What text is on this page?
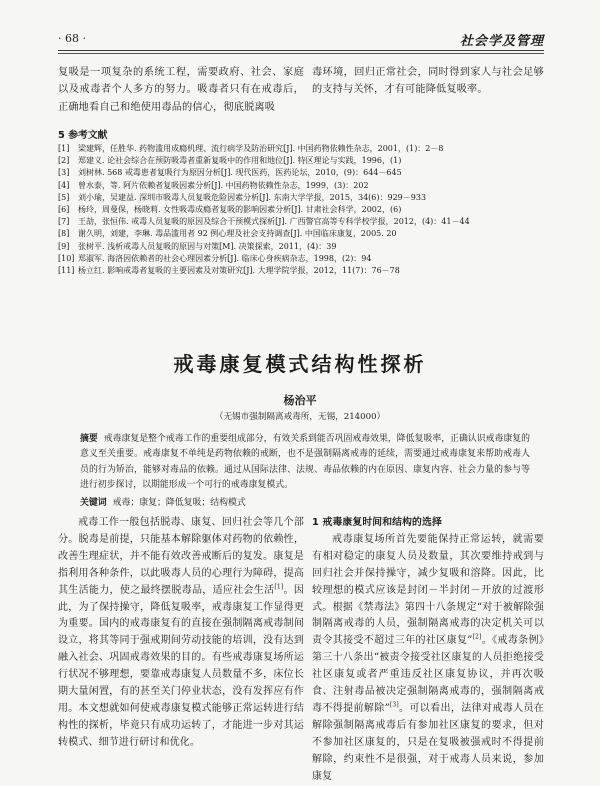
· 68 ·	社会学及管理
复吸是一项复杂的系统工程，需要政府、社会、家庭以及戒毒者个人多方的努力。吸毒者只有在戒毒后，正确地看自己和绝使用毒品的信心，彻底脱离吸
毒环境，回归正常社会，同时得到家人与社会足够的支持与关怀，才有可能降低复吸率。
5 参考文献
[1] 梁建辉，任胜华. 药物滥用成瘾机理、流行病学及防治研究[J]. 中国药物依赖性杂志，2001，(1)：2－8
[2] 郑建义. 论社会综合在预防吸毒者重新复吸中的作用和地位[J]. 特区理论与实践，1996，(1)
[3] 刘树林. 568 戒毒患者复吸行为原因分析[J]. 现代医药，医药论坛，2010，(9)：644－645
[4] 曾水泰，等. 阿片依赖者复吸因素分析[J]. 中国药物依赖性杂志，1999，(3)：202
[5] 刘小瑜，吴建益. 深圳市吸毒人员复吸危险因素分析[J]. 东南大学学报，2015，34(6)：929－933
[6] 杨玲，周曼保，杨晓莉. 女性吸毒成瘾者复吸的影响因素分析[J]. 甘肃社会科学，2002，(6)
[7] 王劼，张恒伟. 戒毒人员复吸的原因及综合干预模式探析[J]. 广西警官高等专科学校学报，2012，(4)：41－44
[8] 谢久明，刘建，李琳. 毒品滥用者 92 例心理及社会支持调查[J]. 中国临床康复，2005. 20
[9] 张树平. 浅析戒毒人员复吸的原因与对策[M]. 决策探索，2011，(4)：39
[10] 郑淑军. 海洛因依赖者的社会心理因素分析[J]. 临床心身疾病杂志，1998，(2)：94
[11] 杨立红. 影响戒毒者复吸的主要因素及对策研究[J]. 大理学院学报，2012，11(7)：76－78
戒毒康复模式结构性探析
杨治平
（无锡市强制隔离戒毒所，无锡，214000）
摘要 戒毒康复是整个戒毒工作的重要组成部分，有效关系到能否巩固戒毒效果，降低复吸率，正确认识戒毒康复的意义至关重要。戒毒康复不单纯是药物依赖的戒断，也不是强制隔离戒毒的延续，需要通过戒毒康复来帮助戒毒人员的行为矫治，能够对毒品的依赖。通过从国际法律、法规、毒品依赖的内在原因、康复内容、社会力量的参与等进行初步探讨，以期能形成一个可行的戒毒康复模式。
关键词 戒毒；康复；降低复吸；结构模式
戒毒工作一般包括脱毒、康复、回归社会等几个部分。脱毒是前提，只能基本解除躯体对药物的依赖性，改善生理症状，并不能有效改善戒断后的复发。康复是指利用各种条件，以此吸毒人员的心理行为障碍，提高其生活能力，使之最终摆脱毒品，适应社会生活[1]。因此，为了保持操守，降低复吸率，戒毒康复工作显得更为重要。国内的戒毒康复有的直接在强制隔离戒毒制间设立，将其等同于强戒期间劳动技能的培训，没有达到融入社会、巩固戒毒效果的目的。有些戒毒康复场所运行状况不够理想，要靠戒毒康复人员数量不多，床位长期大量闲置，有的甚至关门停业状态，没有发挥应有作用。本文想就如何使戒毒康复模式能够正常运转进行结构性的探析，毕竟只有成功运转了，才能进一步对其运转模式、细节进行研讨和优化。
1 戒毒康复时间和结构的选择
戒毒康复场所首先要能保持正常运转，就需要有相对稳定的康复人员及数量，其次要维持戒到与回归社会并保持操守，减少复吸和溶降。因此，比较理想的模式应该是封闭－半封闭－开放的过渡形式。根据《禁毒法》第四十八条规定“对于被解除强制隔离戒毒的人员，强制隔离戒毒的决定机关可以责令其接受不超过三年的社区康复”[2]。《戒毒条例》第三十八条出“被责令接受社区康复的人员拒绝接受社区康复或者严重违反社区康复协议，并再次吸食、注射毒品被决定强制隔离戒毒的，强制隔离戒毒不得提前解除”[3]。可以看出，法律对戒毒人员在解除强制隔离戒毒后有参加社区康复的要求，但对不参加社区康复的，只是在复吸被强戒时不得提前解除，约束性不是很强，对于戒毒人员来说，参加康复
